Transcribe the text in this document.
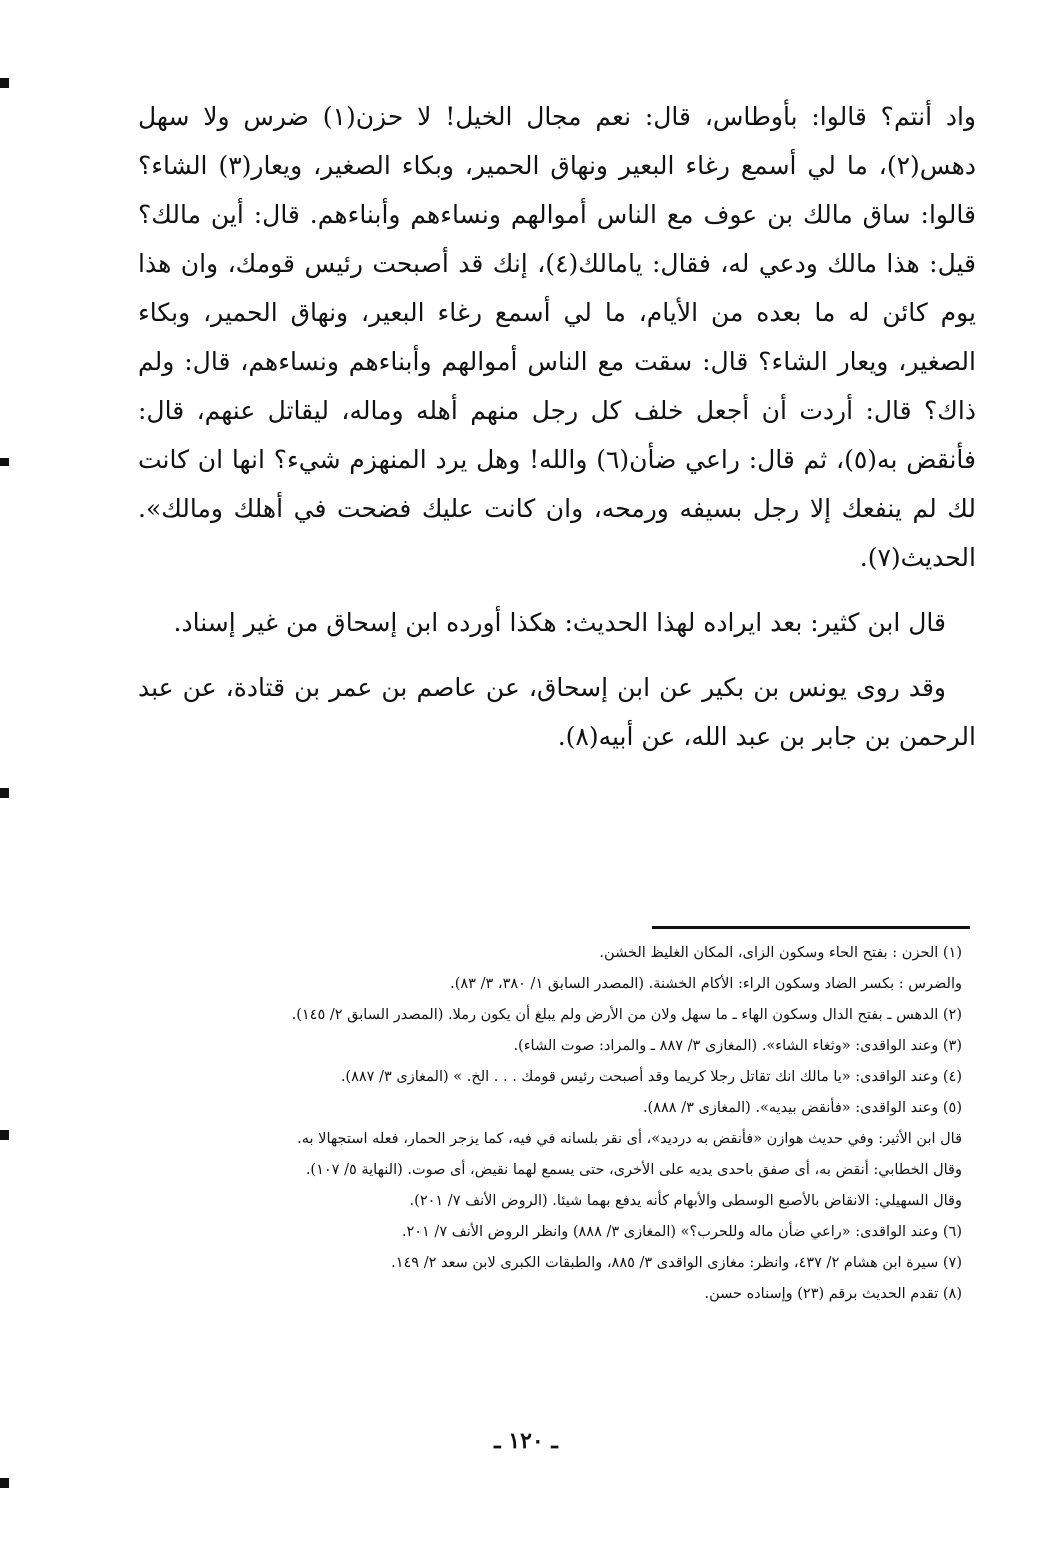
واد أنتم؟ قالوا: بأوطاس، قال: نعم مجال الخيل! لا حزن(١) ضرس ولا سهل دهس(٢)، ما لي أسمع رغاء البعير ونهاق الحمير، وبكاء الصغير، ويعار(٣) الشاء؟ قالوا: ساق مالك بن عوف مع الناس أموالهم ونساءهم وأبناءهم. قال: أين مالك؟ قيل: هذا مالك ودعي له، فقال: يامالك(٤)، إنك قد أصبحت رئيس قومك، وان هذا يوم كائن له ما بعده من الأيام، ما لي أسمع رغاء البعير، ونهاق الحمير، وبكاء الصغير، ويعار الشاء؟ قال: سقت مع الناس أموالهم وأبناءهم ونساءهم، قال: ولم ذاك؟ قال: أردت أن أجعل خلف كل رجل منهم أهله وماله، ليقاتل عنهم، قال: فأنقض به(٥)، ثم قال: راعي ضأن(٦) والله! وهل يرد المنهزم شيء؟ انها ان كانت لك لم ينفعك إلا رجل بسيفه ورمحه، وان كانت عليك فضحت في أهلك ومالك». الحديث(٧).

قال ابن كثير: بعد ايراده لهذا الحديث: هكذا أورده ابن إسحاق من غير إسناد.

وقد روى يونس بن بكير عن ابن إسحاق، عن عاصم بن عمر بن قتادة، عن عبد الرحمن بن جابر بن عبد الله، عن أبيه(٨).

(١) الحزن : بفتح الحاء وسكون الزاى، المكان الغليظ الخشن.

والضرس : بكسر الضاد وسكون الراء: الأكام الخشنة. (المصدر السابق ١/ ٣٨٠، ٣/ ٨٣).

(٢) الدهس ـ بفتح الدال وسكون الهاء ـ ما سهل ولان من الأرض ولم يبلغ أن يكون رملا. (المصدر السابق ٢/ ١٤٥).

(٣) وعند الواقدى: «وثغاء الشاء». (المغازى ٣/ ٨٨٧ ـ والمراد: صوت الشاء).

(٤) وعند الواقدى: «يا مالك انك تقاتل رجلا كريما وقد أصبحت رئيس قومك . . . الخ. » (المغازى ٣/ ٨٨٧).

(٥) وعند الواقدى: «فأنقض بيديه». (المغازى ٣/ ٨٨٨).

قال ابن الأثير: وفي حديث هوازن «فأنقض به درديد»، أى نقر بلسانه في فيه، كما يزجر الحمار، فعله استجهالا به.

وقال الخطابي: أنقض به، أى صفق باحدى يديه على الأخرى، حتى يسمع لهما نقيض، أى صوت. (النهاية ٥/ ١٠٧).

وقال السهيلي: الانقاض بالأصبع الوسطى والأبهام كأنه يدفع بهما شيئا. (الروض الأنف ٧/ ٢٠١).

(٦) وعند الواقدى: «راعي ضأن ماله وللحرب؟» (المغازى ٣/ ٨٨٨) وانظر الروض الأنف ٧/ ٢٠١.

(٧) سيرة ابن هشام ٢/ ٤٣٧، وانظر: مغازى الواقدى ٣/ ٨٨٥، والطبقات الكبرى لابن سعد ٢/ ١٤٩.

(٨) تقدم الحديث برقم (٢٣) وإسناده حسن.

ـ ١٢٠ ـ
